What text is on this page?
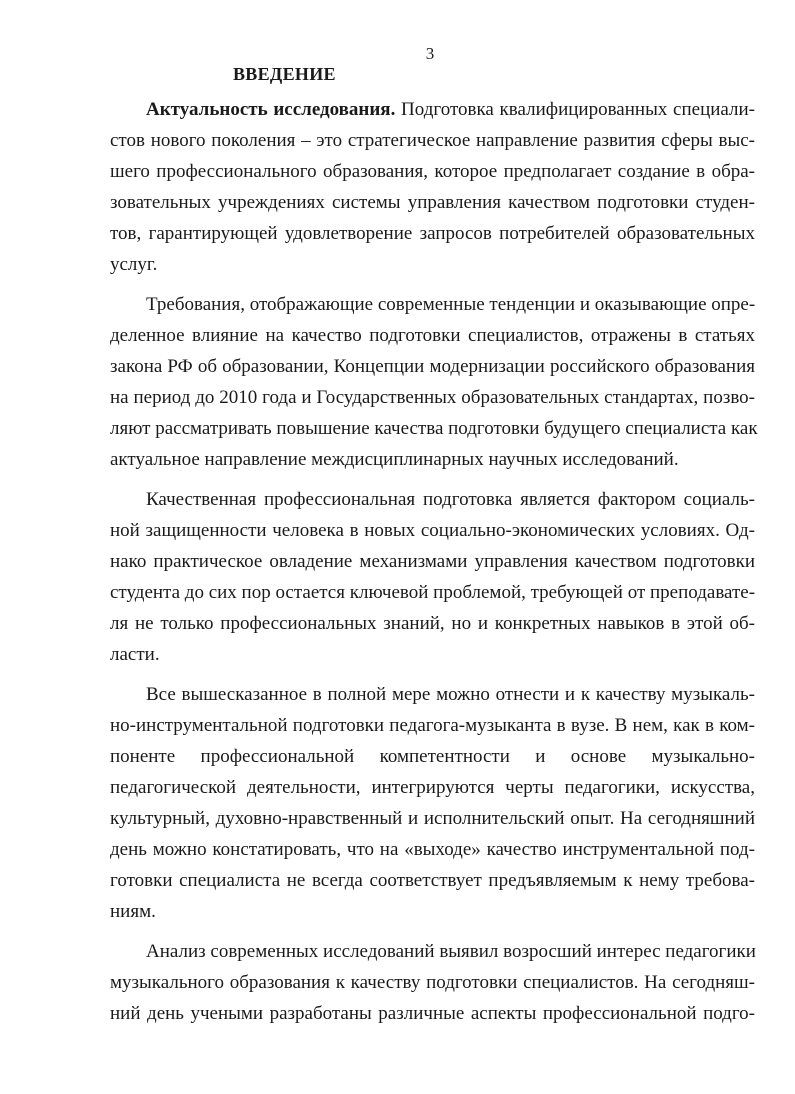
3
ВВЕДЕНИЕ
Актуальность исследования. Подготовка квалифицированных специали-
стов нового поколения – это стратегическое направление развития сферы выс-
шего профессионального образования, которое предполагает создание в обра-
зовательных учреждениях системы управления качеством подготовки студен-
тов, гарантирующей удовлетворение запросов потребителей образовательных
услуг.
Требования, отображающие современные тенденции и оказывающие опре-
деленное влияние на качество подготовки специалистов, отражены в статьях
закона РФ об образовании, Концепции модернизации российского образования
на период до 2010 года и Государственных образовательных стандартах, позво-
ляют рассматривать повышение качества подготовки будущего специалиста как
актуальное направление междисциплинарных научных исследований.
Качественная профессиональная подготовка является фактором социаль-
ной защищенности человека в новых социально-экономических условиях. Од-
нако практическое овладение механизмами управления качеством подготовки
студента до сих пор остается ключевой проблемой, требующей от преподавате-
ля не только профессиональных знаний, но и конкретных навыков в этой об-
ласти.
Все вышесказанное в полной мере можно отнести и к качеству музыкаль-
но-инструментальной подготовки педагога-музыканта в вузе. В нем, как в ком-
поненте профессиональной компетентности и основе музыкально-
педагогической деятельности, интегрируются черты педагогики, искусства,
культурный, духовно-нравственный и исполнительский опыт. На сегодняшний
день можно констатировать, что на «выходе» качество инструментальной под-
готовки специалиста не всегда соответствует предъявляемым к нему требова-
ниям.
Анализ современных исследований выявил возросший интерес педагогики
музыкального образования к качеству подготовки специалистов. На сегодняш-
ний день учеными разработаны различные аспекты профессиональной подго-
